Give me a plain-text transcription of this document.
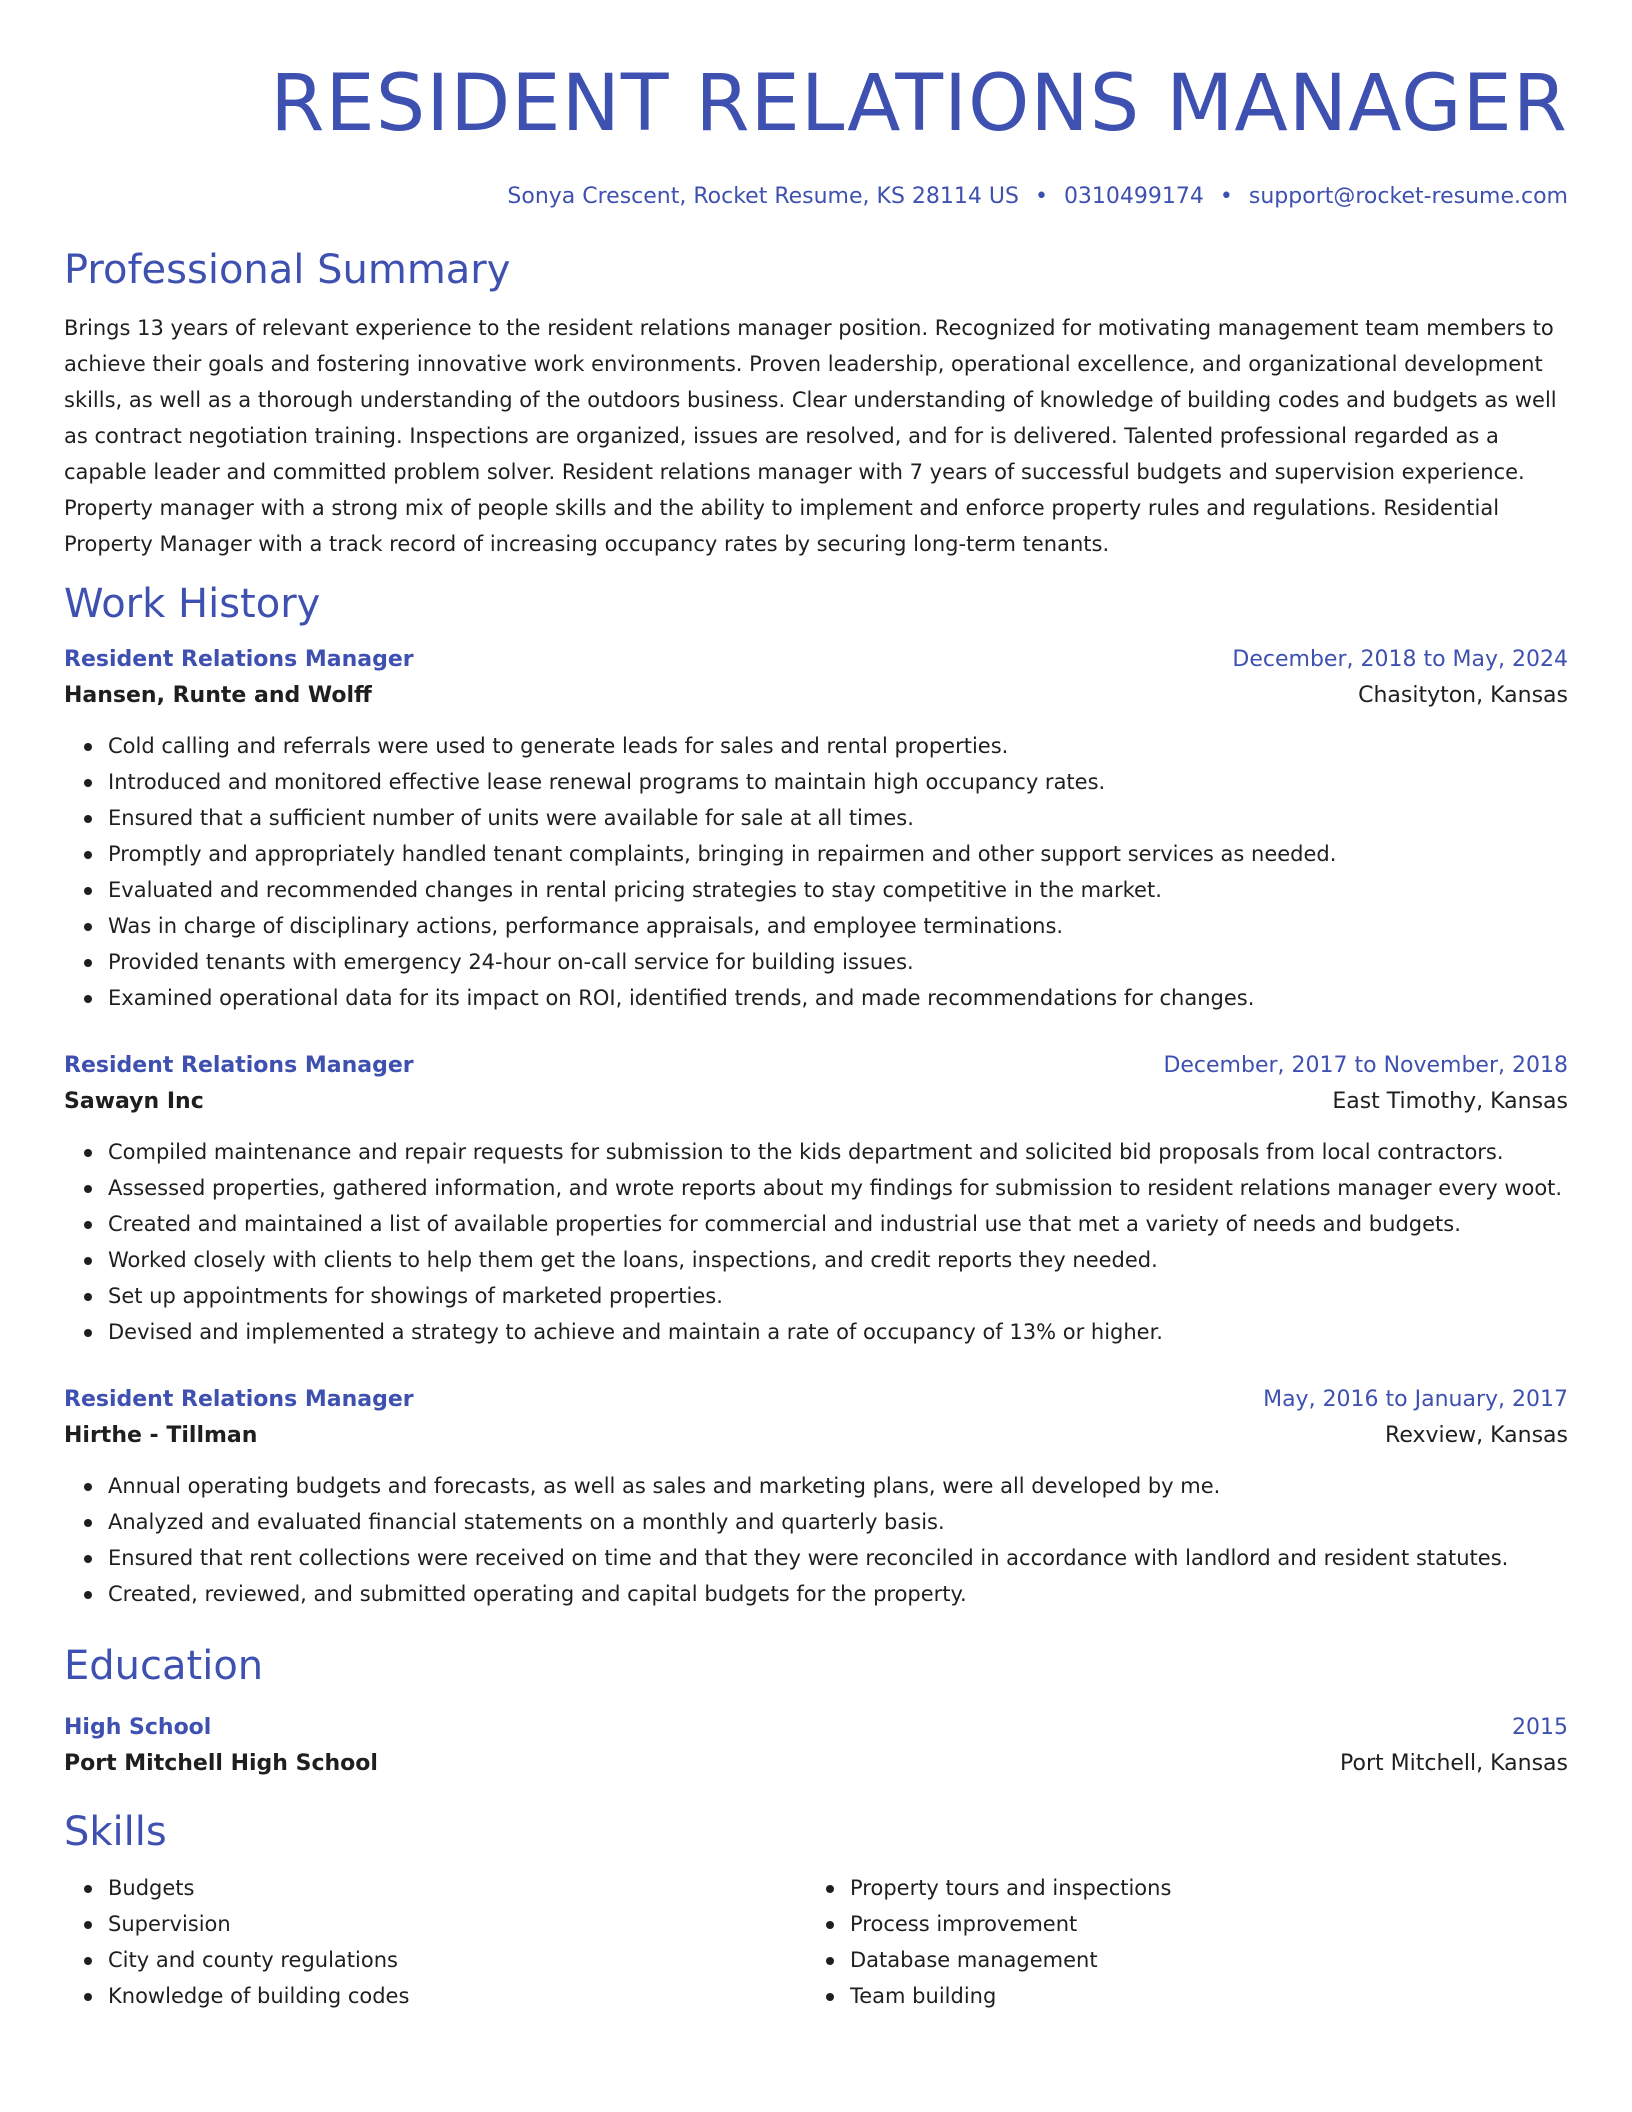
RESIDENT RELATIONS MANAGER
Sonya Crescent, Rocket Resume, KS 28114 US • 0310499174 • support@rocket-resume.com
Professional Summary

Brings 13 years of relevant experience to the resident relations manager position. Recognized for motivating management team members to achieve their goals and fostering innovative work environments. Proven leadership, operational excellence, and organizational development skills, as well as a thorough understanding of the outdoors business. Clear understanding of knowledge of building codes and budgets as well as contract negotiation training. Inspections are organized, issues are resolved, and for is delivered. Talented professional regarded as a capable leader and committed problem solver. Resident relations manager with 7 years of successful budgets and supervision experience. Property manager with a strong mix of people skills and the ability to implement and enforce property rules and regulations. Residential Property Manager with a track record of increasing occupancy rates by securing long-term tenants.

Work History
Resident Relations Manager	December, 2018 to May, 2024
Hansen, Runte and Wolff	Chasityton, Kansas
Cold calling and referrals were used to generate leads for sales and rental properties.
Introduced and monitored effective lease renewal programs to maintain high occupancy rates.
Ensured that a sufficient number of units were available for sale at all times.
Promptly and appropriately handled tenant complaints, bringing in repairmen and other support services as needed.
Evaluated and recommended changes in rental pricing strategies to stay competitive in the market.
Was in charge of disciplinary actions, performance appraisals, and employee terminations.
Provided tenants with emergency 24-hour on-call service for building issues.
Examined operational data for its impact on ROI, identified trends, and made recommendations for changes.
Resident Relations Manager	December, 2017 to November, 2018
Sawayn Inc	East Timothy, Kansas
Compiled maintenance and repair requests for submission to the kids department and solicited bid proposals from local contractors.
Assessed properties, gathered information, and wrote reports about my findings for submission to resident relations manager every woot.
Created and maintained a list of available properties for commercial and industrial use that met a variety of needs and budgets.
Worked closely with clients to help them get the loans, inspections, and credit reports they needed.
Set up appointments for showings of marketed properties.
Devised and implemented a strategy to achieve and maintain a rate of occupancy of 13% or higher.
Resident Relations Manager	May, 2016 to January, 2017
Hirthe - Tillman	Rexview, Kansas
Annual operating budgets and forecasts, as well as sales and marketing plans, were all developed by me.
Analyzed and evaluated financial statements on a monthly and quarterly basis.
Ensured that rent collections were received on time and that they were reconciled in accordance with landlord and resident statutes.
Created, reviewed, and submitted operating and capital budgets for the property.
Education
High School	2015
Port Mitchell High School	Port Mitchell, Kansas
Skills
Budgets
Supervision
City and county regulations
Knowledge of building codes
Property tours and inspections
Process improvement
Database management
Team building
